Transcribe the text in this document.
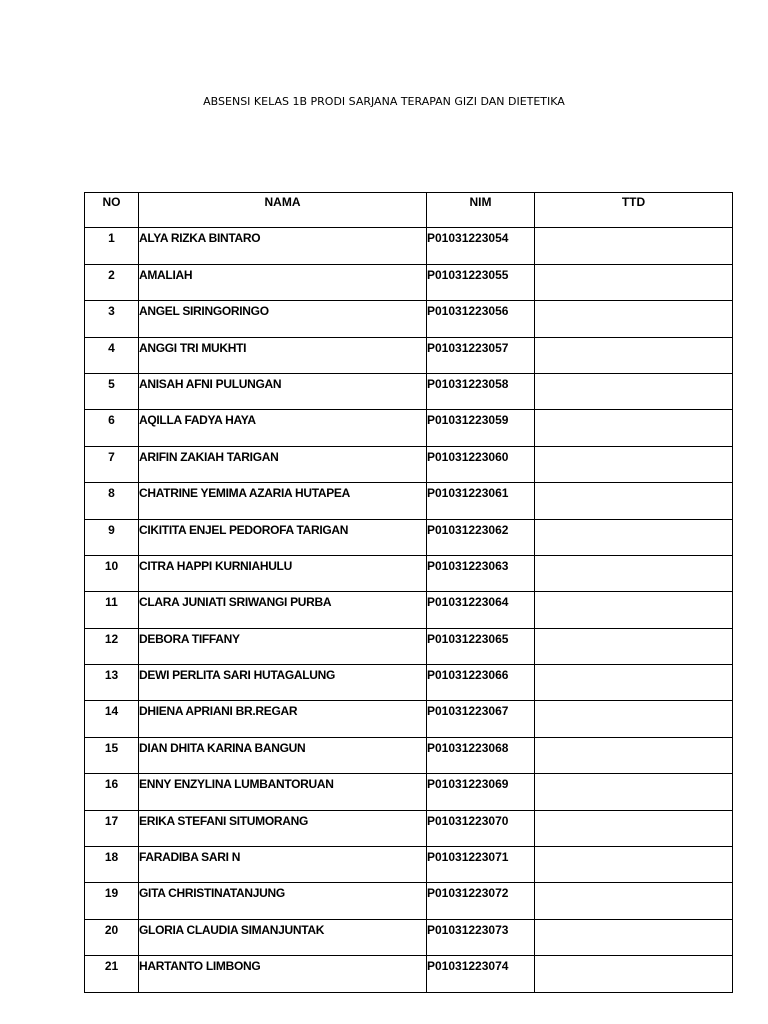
ABSENSI KELAS 1B PRODI SARJANA TERAPAN GIZI DAN DIETETIKA
NO	NAMA	NIM	TTD
1	ALYA RIZKA BINTARO	P01031223054	
2	AMALIAH	P01031223055	
3	ANGEL SIRINGORINGO	P01031223056	
4	ANGGI TRI MUKHTI	P01031223057	
5	ANISAH AFNI PULUNGAN	P01031223058	
6	AQILLA FADYA HAYA	P01031223059	
7	ARIFIN ZAKIAH TARIGAN	P01031223060	
8	CHATRINE YEMIMA AZARIA HUTAPEA	P01031223061	
9	CIKITITA ENJEL PEDOROFA TARIGAN	P01031223062	
10	CITRA HAPPI KURNIAHULU	P01031223063	
11	CLARA JUNIATI SRIWANGI PURBA	P01031223064	
12	DEBORA TIFFANY	P01031223065	
13	DEWI PERLITA SARI HUTAGALUNG	P01031223066	
14	DHIENA APRIANI BR.REGAR	P01031223067	
15	DIAN DHITA KARINA BANGUN	P01031223068	
16	ENNY ENZYLINA LUMBANTORUAN	P01031223069	
17	ERIKA STEFANI SITUMORANG	P01031223070	
18	FARADIBA SARI N	P01031223071	
19	GITA CHRISTINATANJUNG	P01031223072	
20	GLORIA CLAUDIA SIMANJUNTAK	P01031223073	
21	HARTANTO LIMBONG	P01031223074	
